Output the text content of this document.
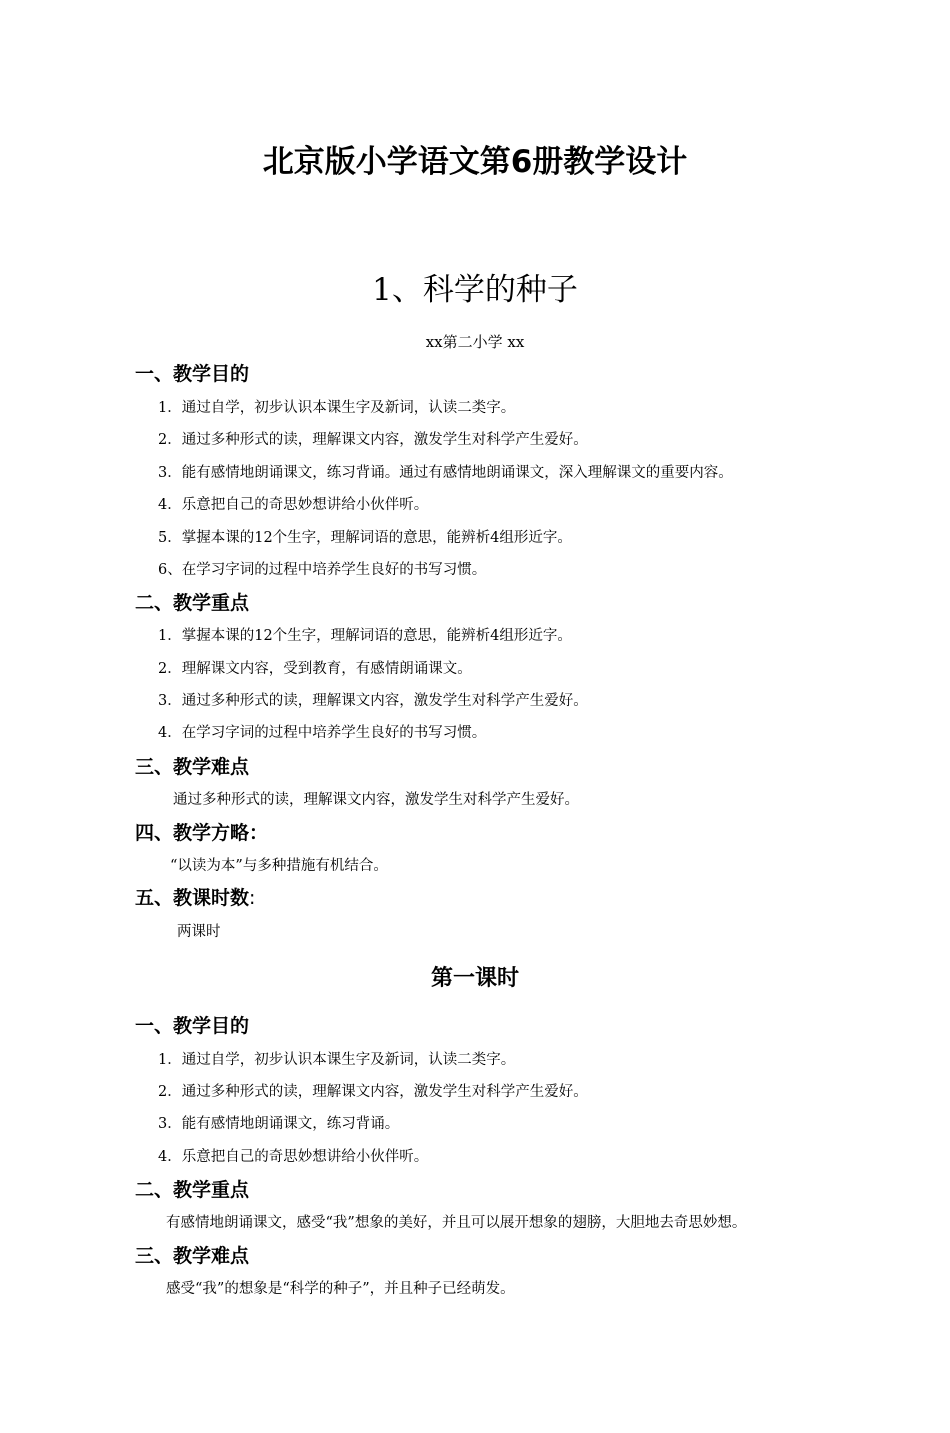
北京版小学语文第6册教学设计
1、科学的种子
xx第二小学 xx
一、教学目的
1．通过自学，初步认识本课生字及新词，认读二类字。
2．通过多种形式的读，理解课文内容，激发学生对科学产生爱好。
3．能有感情地朗诵课文，练习背诵。通过有感情地朗诵课文，深入理解课文的重要内容。
4．乐意把自己的奇思妙想讲给小伙伴听。
5．掌握本课的12个生字，理解词语的意思，能辨析4组形近字。
6、在学习字词的过程中培养学生良好的书写习惯。
二、教学重点
1．掌握本课的12个生字，理解词语的意思，能辨析4组形近字。
2．理解课文内容，受到教育，有感情朗诵课文。
3．通过多种形式的读，理解课文内容，激发学生对科学产生爱好。
4．在学习字词的过程中培养学生良好的书写习惯。
三、教学难点
通过多种形式的读，理解课文内容，激发学生对科学产生爱好。
四、教学方略：
“以读为本”与多种措施有机结合。
五、教课时数:
两课时
第一课时
一、教学目的
1．通过自学，初步认识本课生字及新词，认读二类字。
2．通过多种形式的读，理解课文内容，激发学生对科学产生爱好。
3．能有感情地朗诵课文，练习背诵。
4．乐意把自己的奇思妙想讲给小伙伴听。
二、教学重点
有感情地朗诵课文，感受“我”想象的美好，并且可以展开想象的翅膀，大胆地去奇思妙想。
三、教学难点
感受“我”的想象是“科学的种子”，并且种子已经萌发。
